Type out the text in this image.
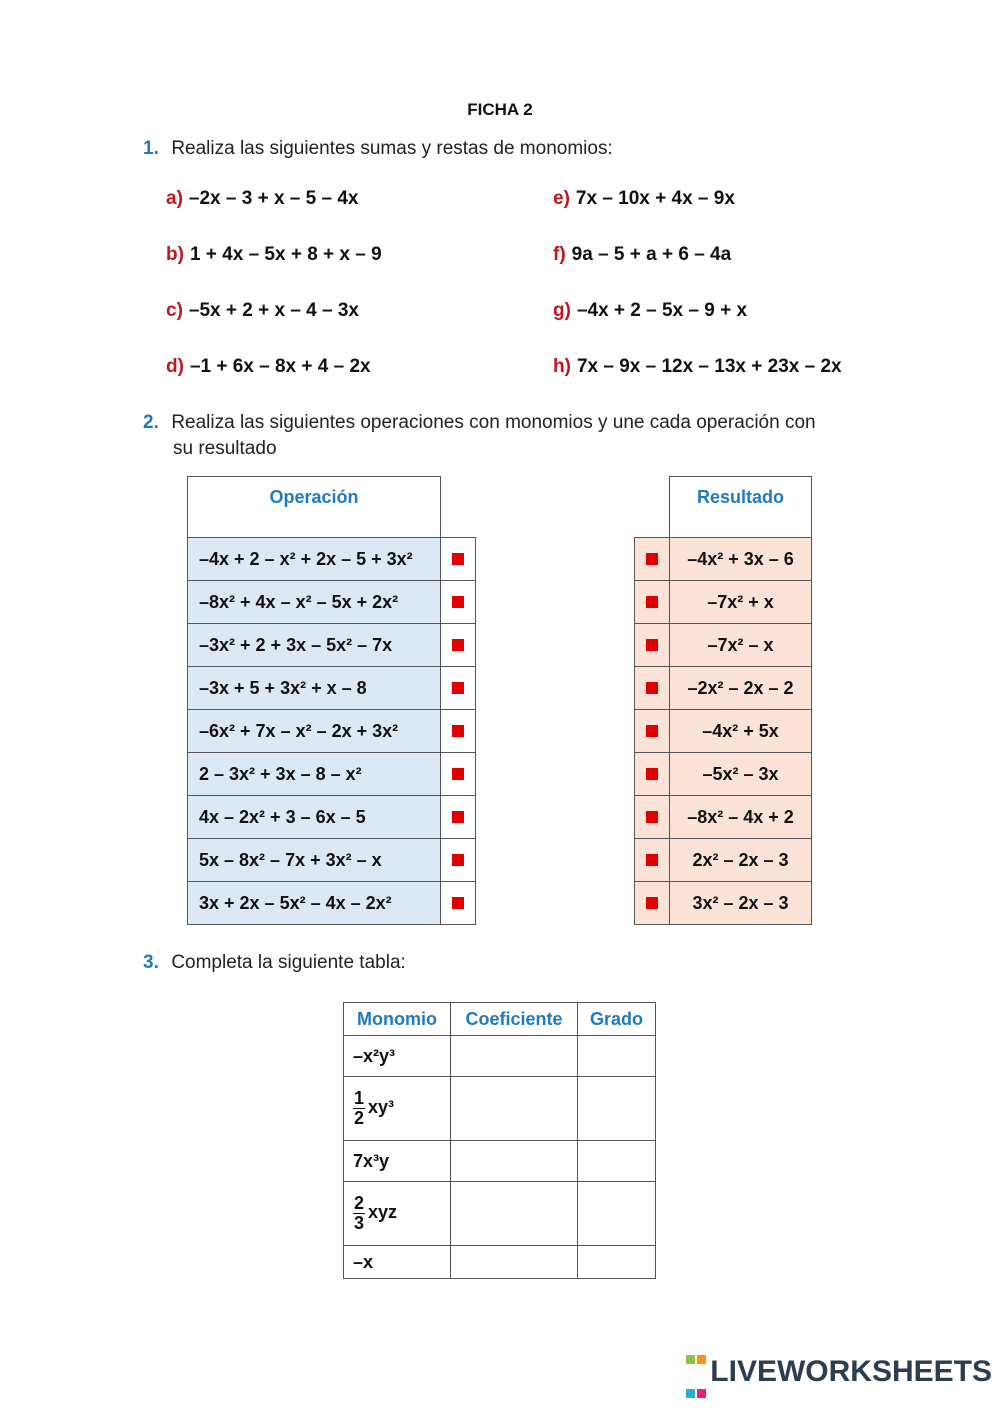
FICHA 2
1. Realiza las siguientes sumas y restas de monomios:
a) –2x – 3 + x – 5 – 4x
b) 1 + 4x – 5x + 8 + x – 9
c) –5x + 2 + x – 4 – 3x
d) –1 + 6x – 8x + 4 – 2x
e) 7x – 10x + 4x – 9x
f) 9a – 5 + a + 6 – 4a
g) –4x + 2 – 5x – 9 + x
h) 7x – 9x – 12x – 13x + 23x – 2x
2. Realiza las siguientes operaciones con monomios y une cada operación con
su resultado
Operación	
–4x + 2 – x² + 2x – 5 + 3x²	
–8x² + 4x – x² – 5x + 2x²	
–3x² + 2 + 3x – 5x² – 7x	
–3x + 5 + 3x² + x – 8	
–6x² + 7x – x² – 2x + 3x²	
2 – 3x² + 3x – 8 – x²	
4x – 2x² + 3 – 6x – 5	
5x – 8x² – 7x + 3x² – x	
3x + 2x – 5x² – 4x – 2x²	
	Resultado
	–4x² + 3x – 6
	–7x² + x
	–7x² – x
	–2x² – 2x – 2
	–4x² + 5x
	–5x² – 3x
	–8x² – 4x + 2
	2x² – 2x – 3
	3x² – 2x – 3
3. Completa la siguiente tabla:
Monomio	Coeficiente	Grado
–x²y³		

$\frac{1}{2} xy^3$		
7x³y		

$\frac{2}{3}$ xyz		
–x		

LIVEWORKSHEETS
